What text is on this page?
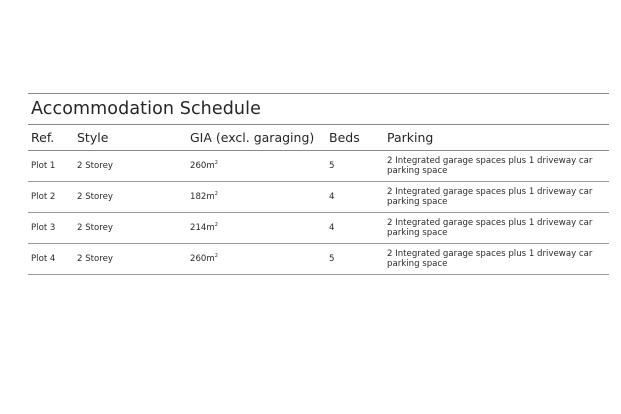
Accommodation Schedule
Ref.	Style	GIA (excl. garaging)	Beds	Parking
Plot 1	2 Storey	$260m^2$	5	2 Integrated garage spaces plus 1 driveway car parking space
Plot 2	2 Storey	$182m^2$	4	2 Integrated garage spaces plus 1 driveway car parking space
Plot 3	2 Storey	$214m^2$	4	2 Integrated garage spaces plus 1 driveway car parking space
Plot 4	2 Storey	$260m^2$	5	2 Integrated garage spaces plus 1 driveway car parking space
